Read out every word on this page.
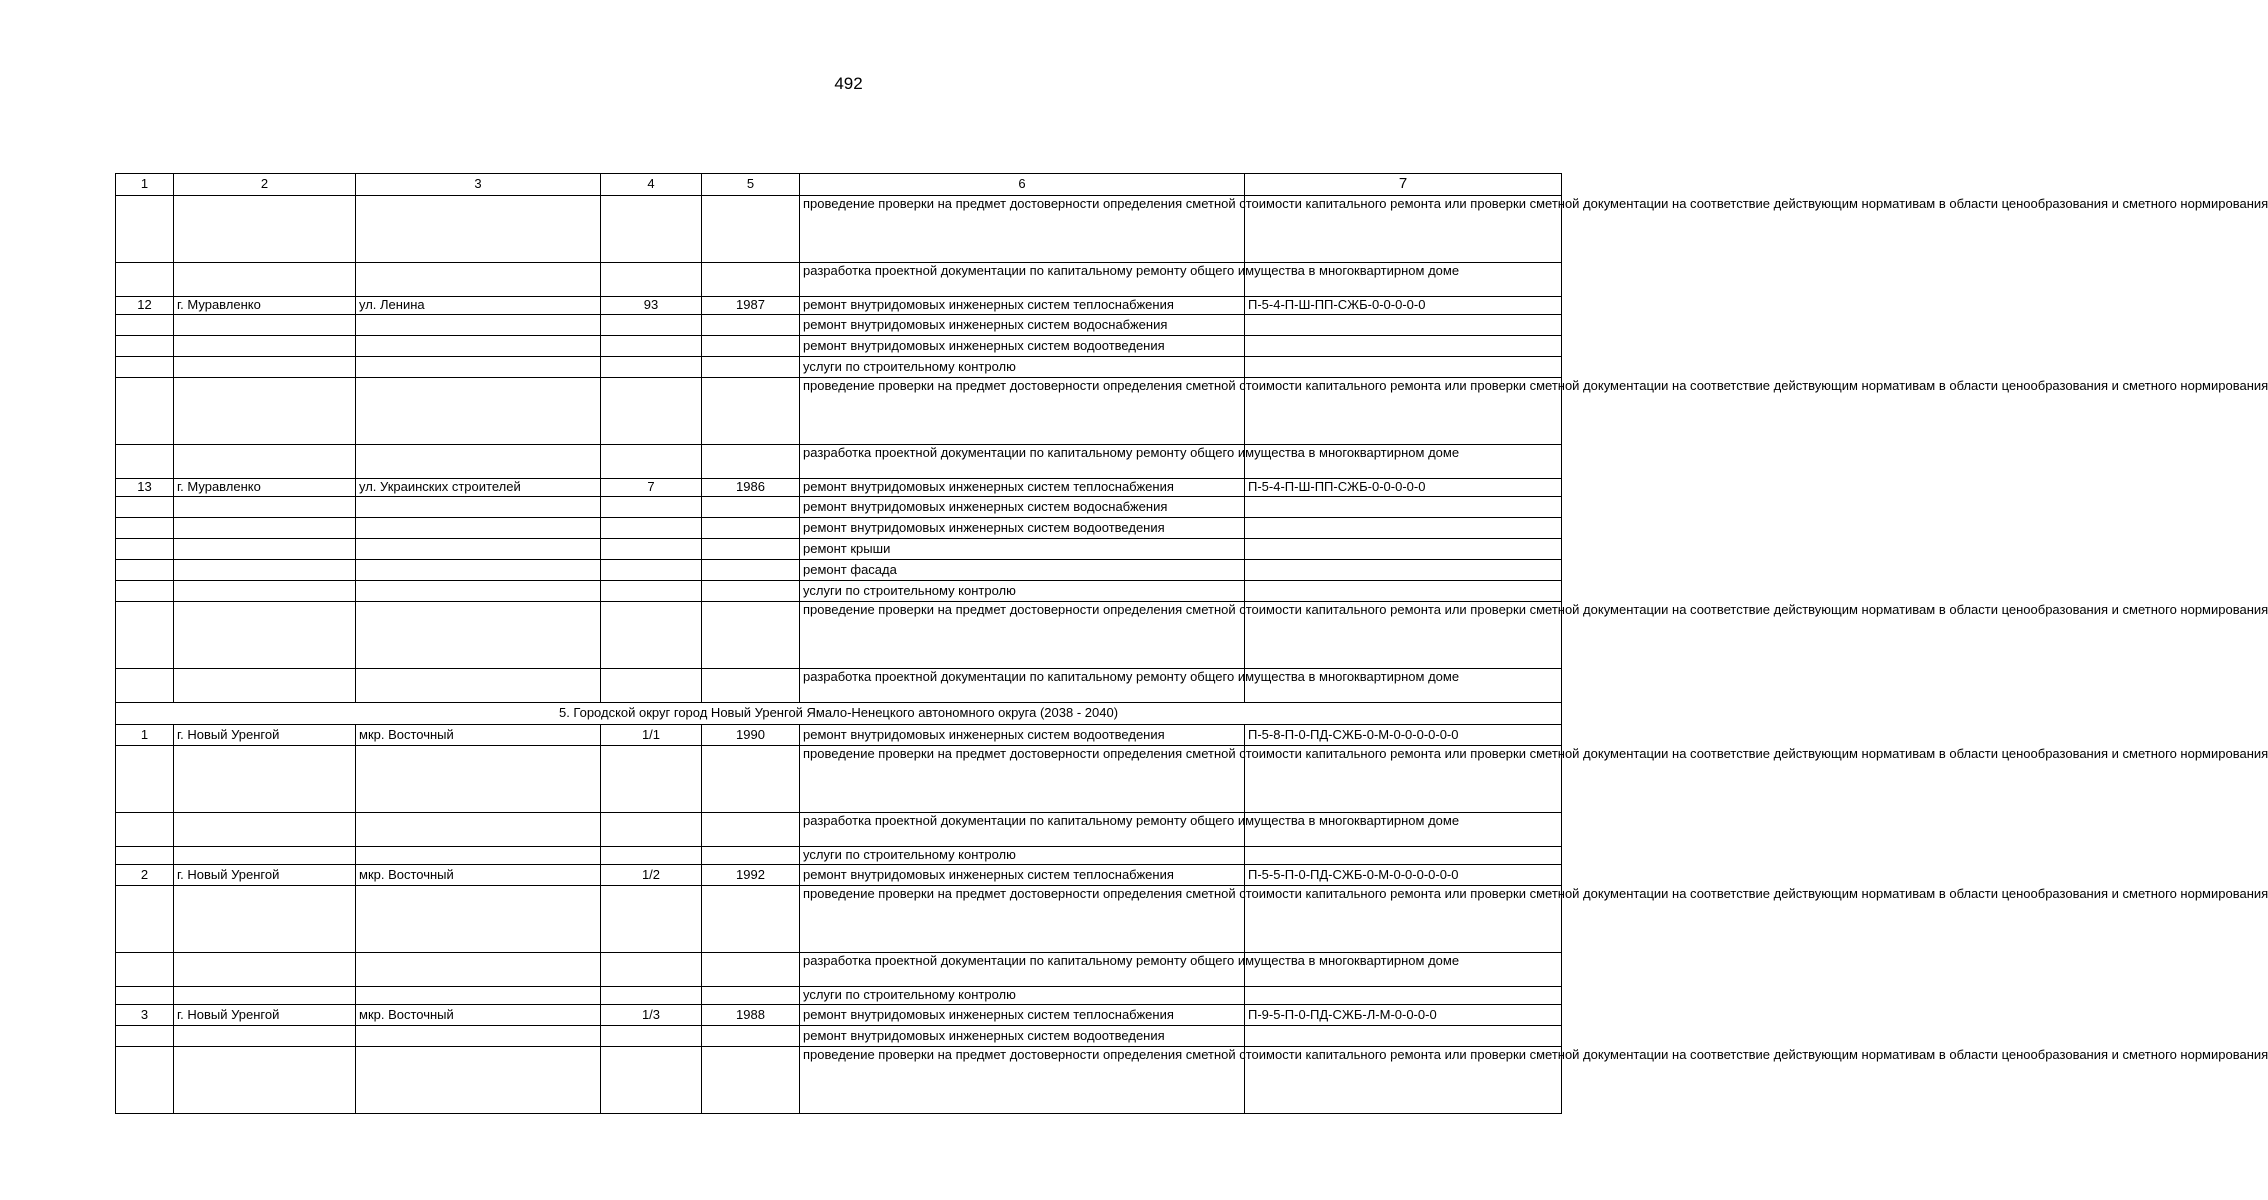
492
1	2	3	4	5	6	7
					проведение проверки на предмет достоверности определения сметной стоимости капитального ремонта или проверки сметной документации на соответствие действующим нормативам в области ценообразования и сметного нормирования	
					разработка проектной документации по капитальному ремонту общего имущества в многоквартирном доме	
12	г. Муравленко	ул. Ленина	93	1987	ремонт внутридомовых инженерных систем теплоснабжения	П-5-4-П-Ш-ПП-СЖБ-0-0-0-0-0
					ремонт внутридомовых инженерных систем водоснабжения	
					ремонт внутридомовых инженерных систем водоотведения	
					услуги по строительному контролю	
					проведение проверки на предмет достоверности определения сметной стоимости капитального ремонта или проверки сметной документации на соответствие действующим нормативам в области ценообразования и сметного нормирования	
					разработка проектной документации по капитальному ремонту общего имущества в многоквартирном доме	
13	г. Муравленко	ул. Украинских строителей	7	1986	ремонт внутридомовых инженерных систем теплоснабжения	П-5-4-П-Ш-ПП-СЖБ-0-0-0-0-0
					ремонт внутридомовых инженерных систем водоснабжения	
					ремонт внутридомовых инженерных систем водоотведения	
					ремонт крыши	
					ремонт фасада	
					услуги по строительному контролю	
					проведение проверки на предмет достоверности определения сметной стоимости капитального ремонта или проверки сметной документации на соответствие действующим нормативам в области ценообразования и сметного нормирования	
					разработка проектной документации по капитальному ремонту общего имущества в многоквартирном доме	
5. Городской округ город Новый Уренгой Ямало-Ненецкого автономного округа (2038 - 2040)						
1	г. Новый Уренгой	мкр. Восточный	1/1	1990	ремонт внутридомовых инженерных систем водоотведения	П-5-8-П-0-ПД-СЖБ-0-М-0-0-0-0-0-0
					проведение проверки на предмет достоверности определения сметной стоимости капитального ремонта или проверки сметной документации на соответствие действующим нормативам в области ценообразования и сметного нормирования	
					разработка проектной документации по капитальному ремонту общего имущества в многоквартирном доме	
					услуги по строительному контролю	
2	г. Новый Уренгой	мкр. Восточный	1/2	1992	ремонт внутридомовых инженерных систем теплоснабжения	П-5-5-П-0-ПД-СЖБ-0-М-0-0-0-0-0-0
					проведение проверки на предмет достоверности определения сметной стоимости капитального ремонта или проверки сметной документации на соответствие действующим нормативам в области ценообразования и сметного нормирования	
					разработка проектной документации по капитальному ремонту общего имущества в многоквартирном доме	
					услуги по строительному контролю	
3	г. Новый Уренгой	мкр. Восточный	1/3	1988	ремонт внутридомовых инженерных систем теплоснабжения	П-9-5-П-0-ПД-СЖБ-Л-М-0-0-0-0
					ремонт внутридомовых инженерных систем водоотведения	
					проведение проверки на предмет достоверности определения сметной стоимости капитального ремонта или проверки сметной документации на соответствие действующим нормативам в области ценообразования и сметного нормирования	
